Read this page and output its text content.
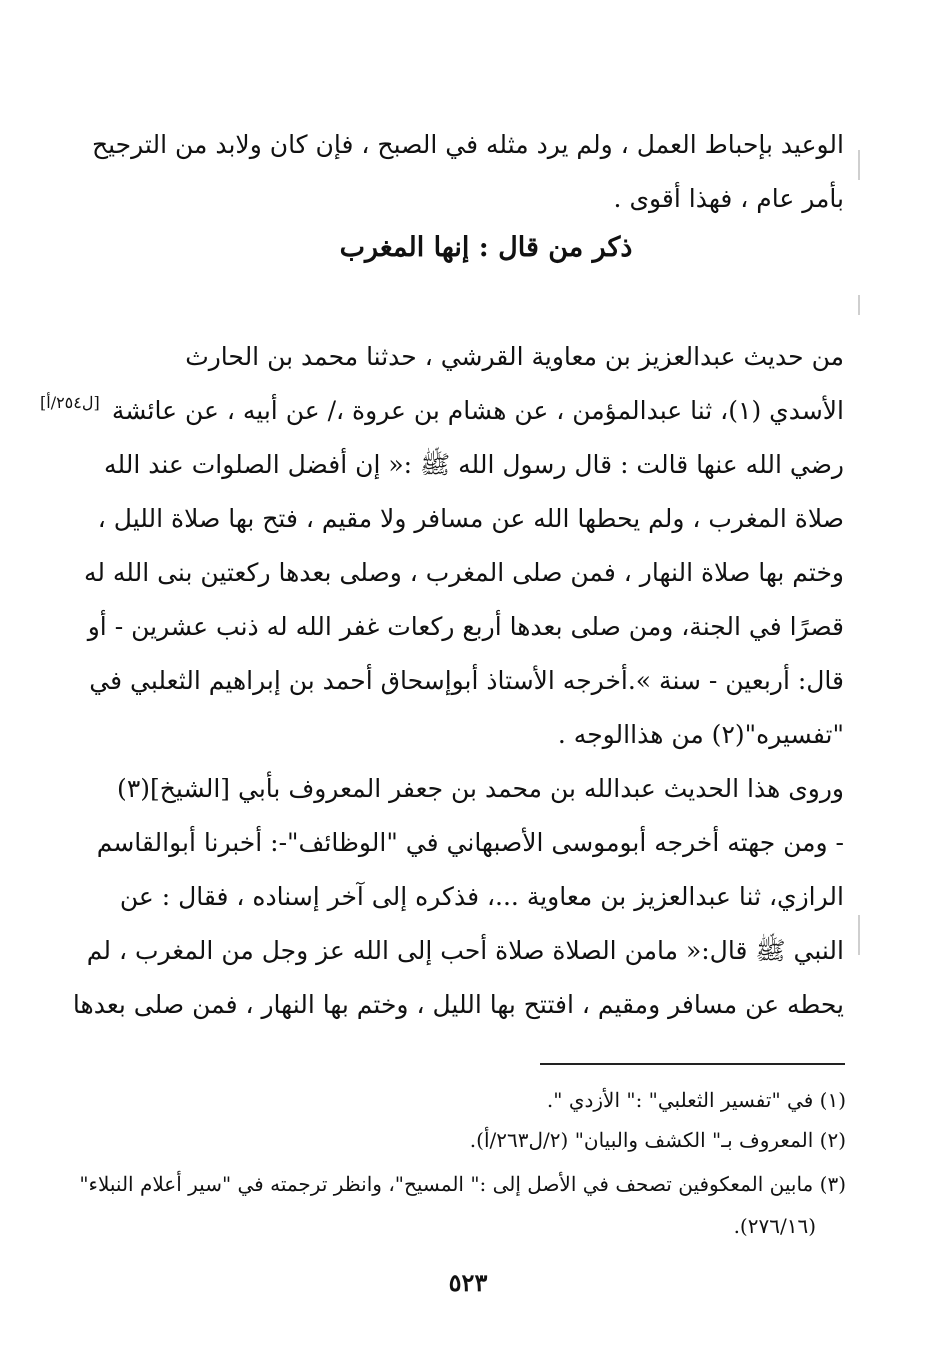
الوعيد بإحباط العمل ، ولم يرد مثله في الصبح ، فإن كان ولابد من الترجيح
بأمر عام ، فهذا أقوى .
ذكر من قال : إنها المغرب
من حديث عبدالعزيز بن معاوية القرشي ، حدثنا محمد بن الحارث
الأسدي (١)، ثنا عبدالمؤمن ، عن هشام بن عروة ،/ عن أبيه ، عن عائشة
[ل٢٥٤/أ]
رضي الله عنها قالت : قال رسول الله ﷺ :« إن أفضل الصلوات عند الله
صلاة المغرب ، ولم يحطها الله عن مسافر ولا مقيم ، فتح بها صلاة الليل ،
وختم بها صلاة النهار ، فمن صلى المغرب ، وصلى بعدها ركعتين بنى الله له
قصرًا في الجنة، ومن صلى بعدها أربع ركعات غفر الله له ذنب عشرين - أو
قال: أربعين - سنة ».أخرجه الأستاذ أبوإسحاق أحمد بن إبراهيم الثعلبي في
"تفسيره"(٢) من هذاالوجه .
وروى هذا الحديث عبدالله بن محمد بن جعفر المعروف بأبي [الشيخ](٣)
- ومن جهته أخرجه أبوموسى الأصبهاني في "الوظائف"-: أخبرنا أبوالقاسم
الرازي، ثنا عبدالعزيز بن معاوية ...، فذكره إلى آخر إسناده ، فقال : عن
النبي ﷺ قال:« مامن الصلاة صلاة أحب إلى الله عز وجل من المغرب ، لم
يحطه عن مسافر ومقيم ، افتتح بها الليل ، وختم بها النهار ، فمن صلى بعدها
(١) في "تفسير الثعلبي" :" الأزدي ".
(٢) المعروف بـ" الكشف والبيان" (٢/ل٢٦٣/أ).
(٣) مابين المعكوفين تصحف في الأصل إلى :" المسيح"، وانظر ترجمته في "سير أعلام النبلاء"
(٢٧٦/١٦).
٥٢٣
